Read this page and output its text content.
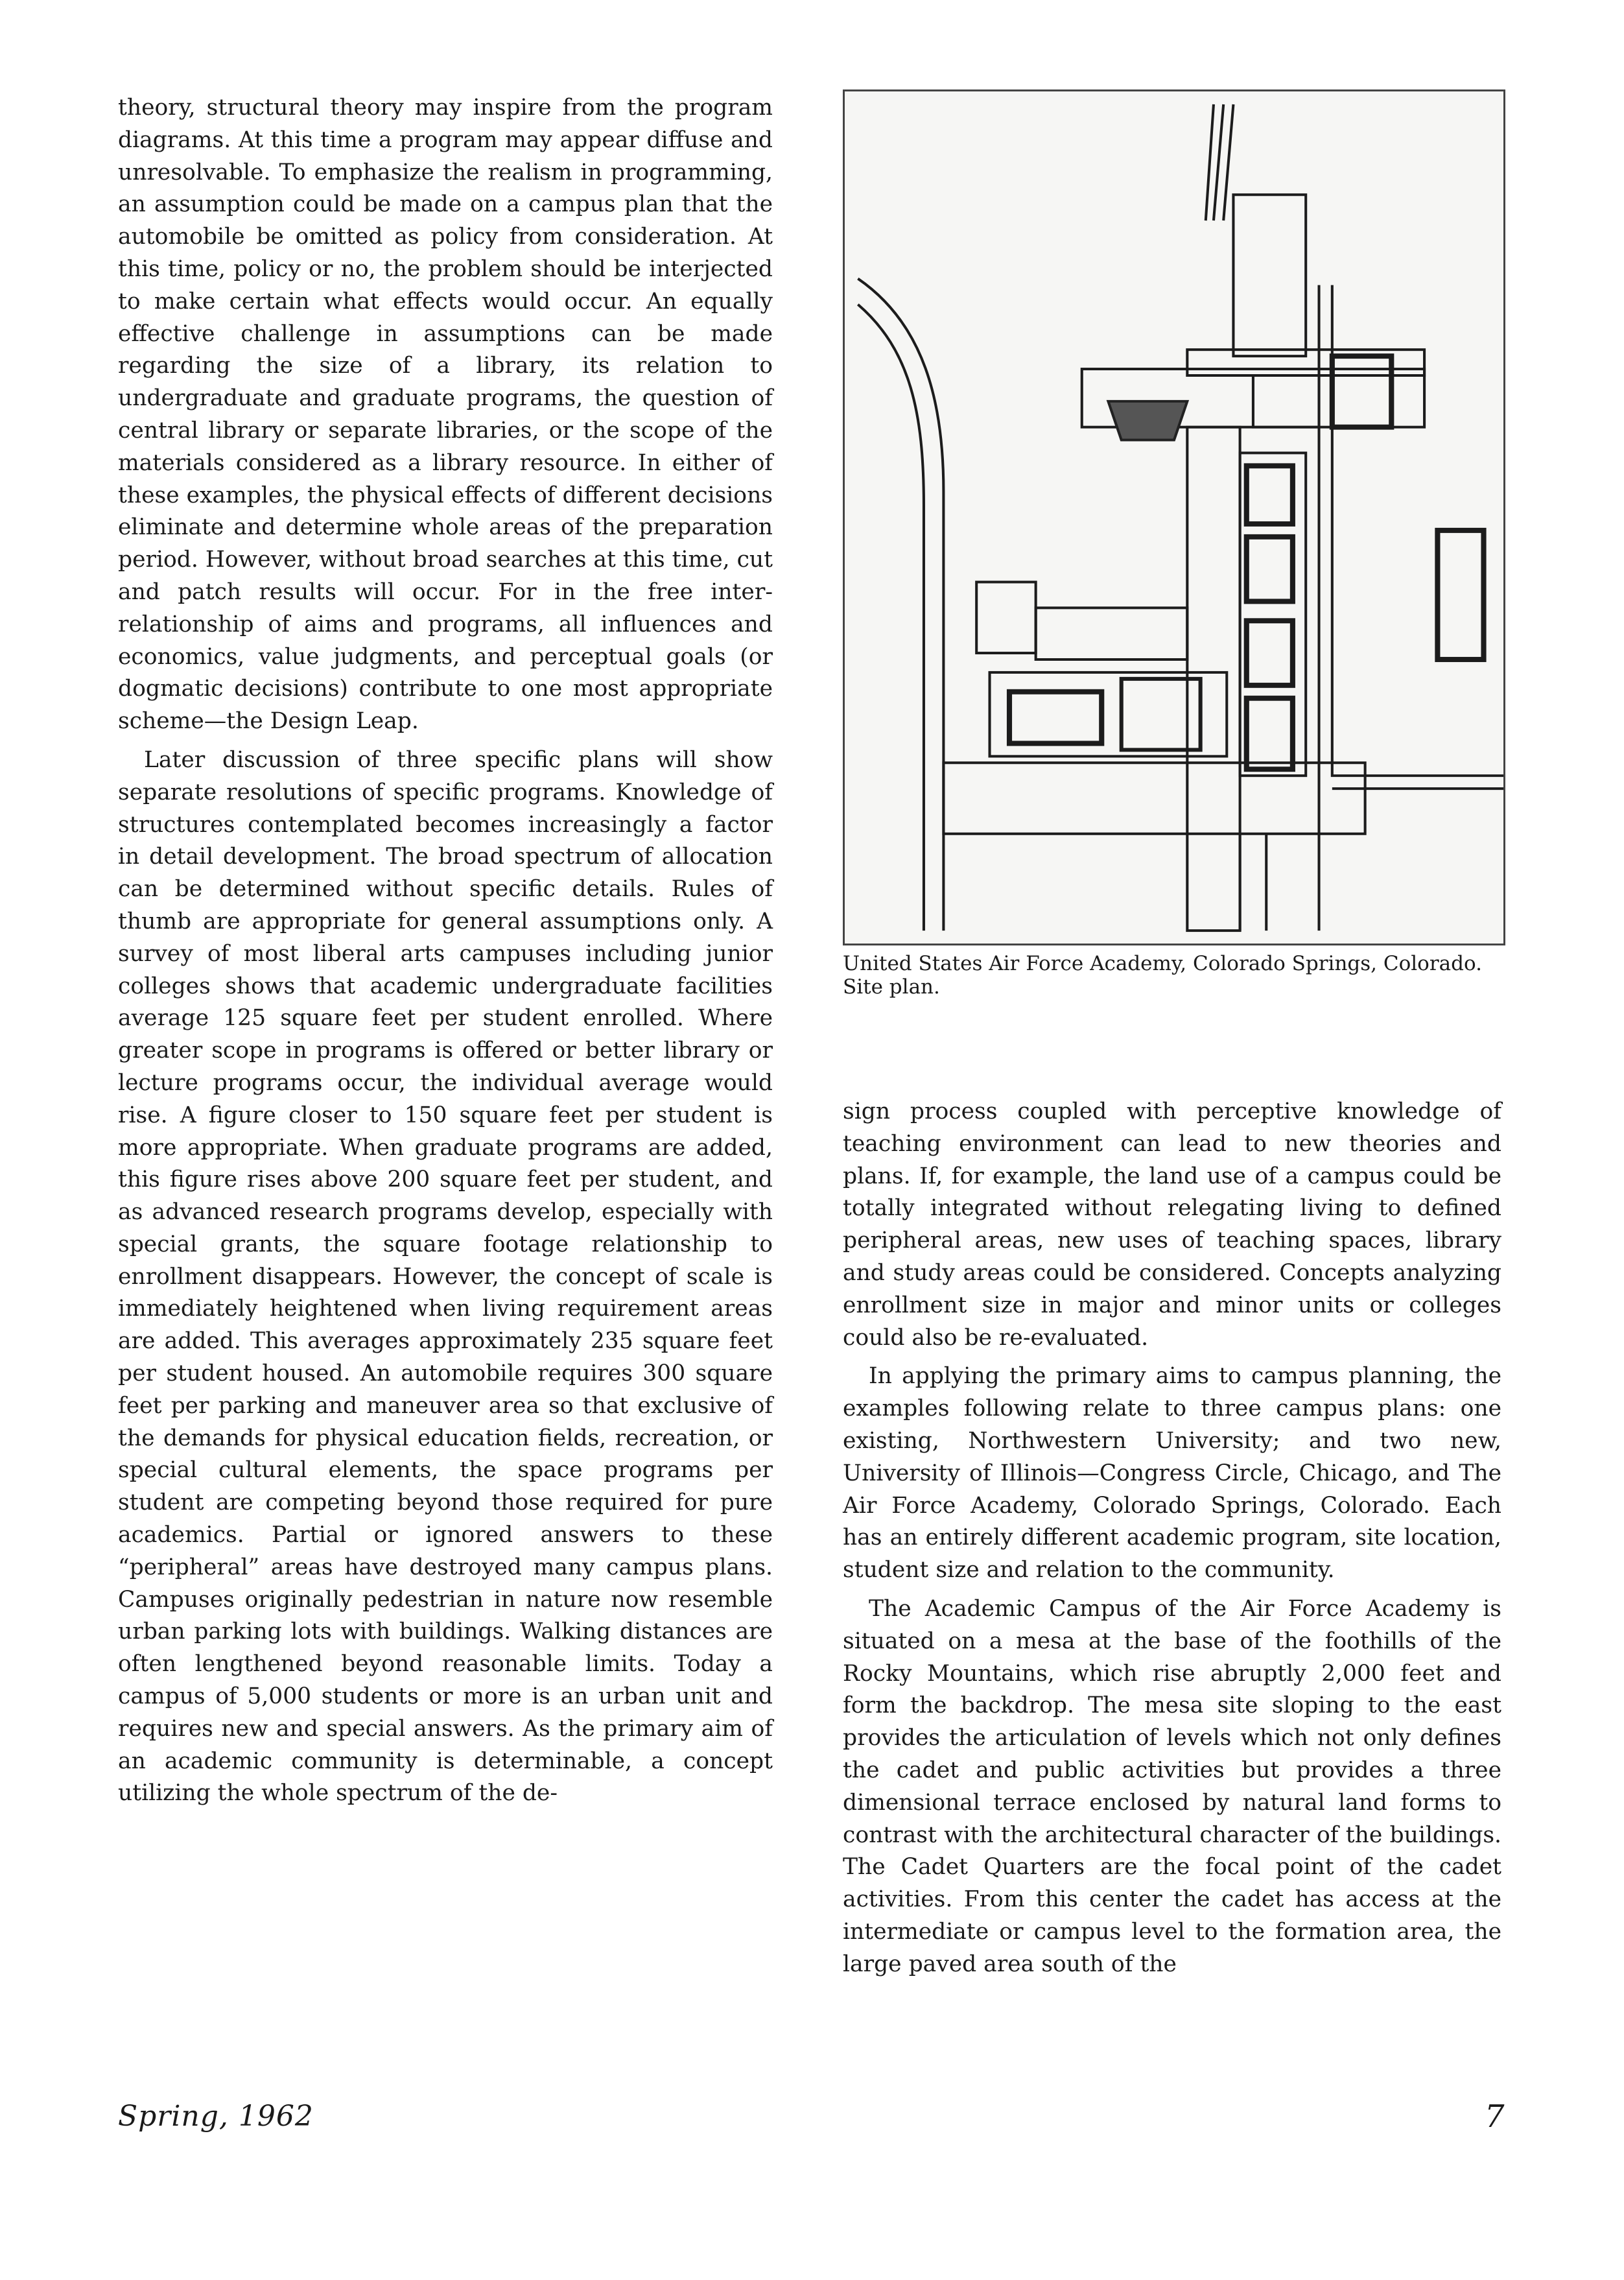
theory, structural theory may inspire from the program diagrams. At this time a program may appear diffuse and unresolvable. To emphasize the realism in programming, an assumption could be made on a campus plan that the automobile be omitted as policy from consideration. At this time, policy or no, the problem should be interjected to make certain what effects would occur. An equally effective challenge in assumptions can be made regarding the size of a library, its relation to undergraduate and graduate programs, the question of central library or separate libraries, or the scope of the materials considered as a library resource. In either of these examples, the physical effects of different decisions eliminate and determine whole areas of the preparation period. However, without broad searches at this time, cut and patch results will occur. For in the free inter-relationship of aims and programs, all influences and economics, value judgments, and perceptual goals (or dogmatic decisions) contribute to one most appropriate scheme—the Design Leap.

Later discussion of three specific plans will show separate resolutions of specific programs. Knowledge of structures contemplated becomes increasingly a factor in detail development. The broad spectrum of allocation can be determined without specific details. Rules of thumb are appropriate for general assumptions only. A survey of most liberal arts campuses including junior colleges shows that academic undergraduate facilities average 125 square feet per student enrolled. Where greater scope in programs is offered or better library or lecture programs occur, the individual average would rise. A figure closer to 150 square feet per student is more appropriate. When graduate programs are added, this figure rises above 200 square feet per student, and as advanced research programs develop, especially with special grants, the square footage relationship to enrollment disappears. However, the concept of scale is immediately heightened when living requirement areas are added. This averages approximately 235 square feet per student housed. An automobile requires 300 square feet per parking and maneuver area so that exclusive of the demands for physical education fields, recreation, or special cultural elements, the space programs per student are competing beyond those required for pure academics. Partial or ignored answers to these “peripheral” areas have destroyed many campus plans. Campuses originally pedestrian in nature now resemble urban parking lots with buildings. Walking distances are often lengthened beyond reasonable limits. Today a campus of 5,000 students or more is an urban unit and requires new and special answers. As the primary aim of an academic community is determinable, a concept utilizing the whole spectrum of the de-

United States Air Force Academy, Colorado Springs, Colorado. Site plan.

sign process coupled with perceptive knowledge of teaching environment can lead to new theories and plans. If, for example, the land use of a campus could be totally integrated without relegating living to defined peripheral areas, new uses of teaching spaces, library and study areas could be considered. Concepts analyzing enrollment size in major and minor units or colleges could also be re-evaluated.

In applying the primary aims to campus planning, the examples following relate to three campus plans: one existing, Northwestern University; and two new, University of Illinois—Congress Circle, Chicago, and The Air Force Academy, Colorado Springs, Colorado. Each has an entirely different academic program, site location, student size and relation to the community.

The Academic Campus of the Air Force Academy is situated on a mesa at the base of the foothills of the Rocky Mountains, which rise abruptly 2,000 feet and form the backdrop. The mesa site sloping to the east provides the articulation of levels which not only defines the cadet and public activities but provides a three dimensional terrace enclosed by natural land forms to contrast with the architectural character of the buildings. The Cadet Quarters are the focal point of the cadet activities. From this center the cadet has access at the intermediate or campus level to the formation area, the large paved area south of the

Spring, 1962	7
